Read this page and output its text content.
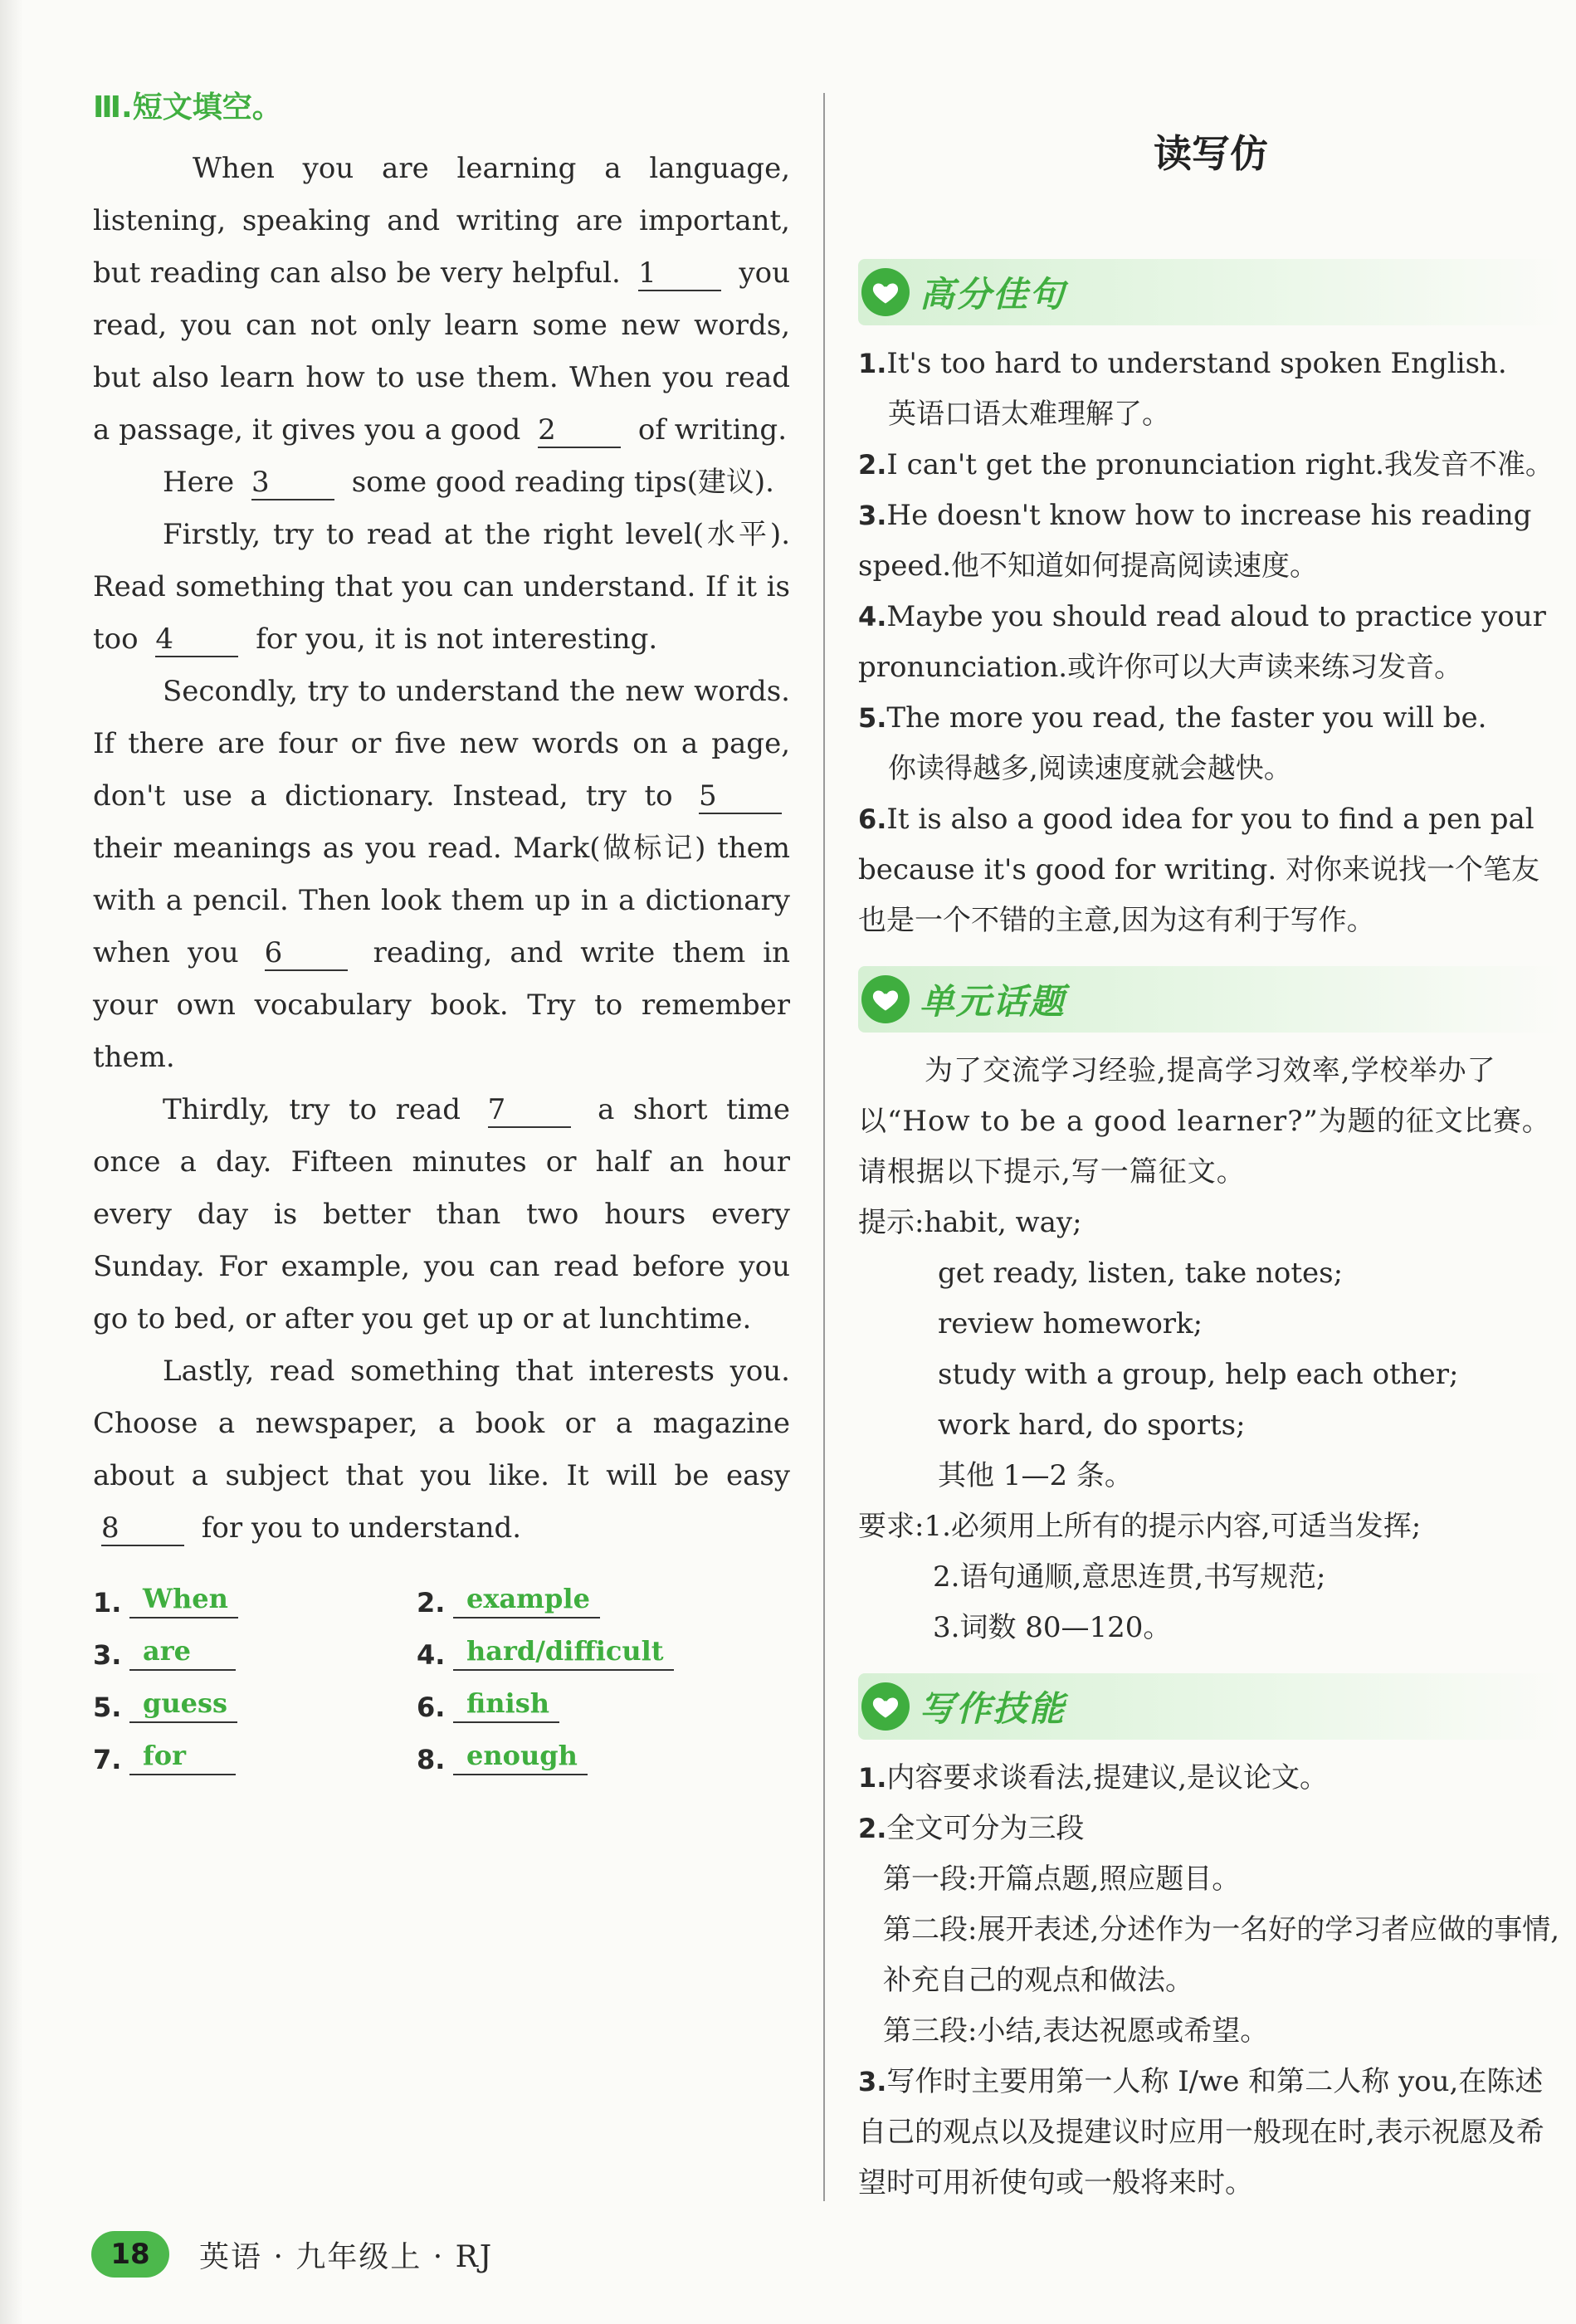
Ⅲ.短文填空。

When you are learning a language, listening, speaking and writing are important, but reading can also be very helpful. 1	you read, you can not only learn some new words, but also learn how to use them. When you read a passage, it gives you a good 2	of writing.

Here 3	some good reading tips(建议).

Firstly, try to read at the right level(水平). Read something that you can understand. If it is too 4	for you, it is not interesting.

Secondly, try to understand the new words. If there are four or five new words on a page, don't use a dictionary. Instead, try to 5 their meanings as you read. Mark(做标记) them with a pencil. Then look them up in a dictionary when you 6	reading, and write them in your own vocabulary book. Try to remember them.

Thirdly, try to read 7	a short time once a day. Fifteen minutes or half an hour every day is better than two hours every Sunday. For example, you can read before you go to bed, or after you get up or at lunchtime.

Lastly, read something that interests you. Choose a newspaper, a book or a magazine about a subject that you like. It will be easy 8	for you to understand.

1. When	2. example
3. are	4. hard/difficult
5. guess	6. finish
7. for	8. enough
读写仿
高分佳句
1.It's too hard to understand spoken English.
英语口语太难理解了。
2.I can't get the pronunciation right.我发音不准。
3.He doesn't know how to increase his reading speed.他不知道如何提高阅读速度。
4.Maybe you should read aloud to practice your pronunciation.或许你可以大声读来练习发音。
5.The more you read, the faster you will be.
你读得越多,阅读速度就会越快。
6.It is also a good idea for you to find a pen pal because it's good for writing. 对你来说找一个笔友也是一个不错的主意,因为这有利于写作。
单元话题

为了交流学习经验,提高学习效率,学校举办了以“How to be a good learner?”为题的征文比赛。请根据以下提示,写一篇征文。

提示:habit, way;
get ready, listen, take notes;
review homework;
study with a group, help each other;
work hard, do sports;
其他 1—2 条。
要求:1.必须用上所有的提示内容,可适当发挥;
2.语句通顺,意思连贯,书写规范;
3.词数 80—120。
写作技能
1.内容要求谈看法,提建议,是议论文。
2.全文可分为三段
第一段:开篇点题,照应题目。
第二段:展开表述,分述作为一名好的学习者应做的事情,补充自己的观点和做法。
第三段:小结,表达祝愿或希望。
3.写作时主要用第一人称 I/we 和第二人称 you,在陈述自己的观点以及提建议时应用一般现在时,表示祝愿及希望时可用祈使句或一般将来时。
18	英语 · 九年级上 · RJ
